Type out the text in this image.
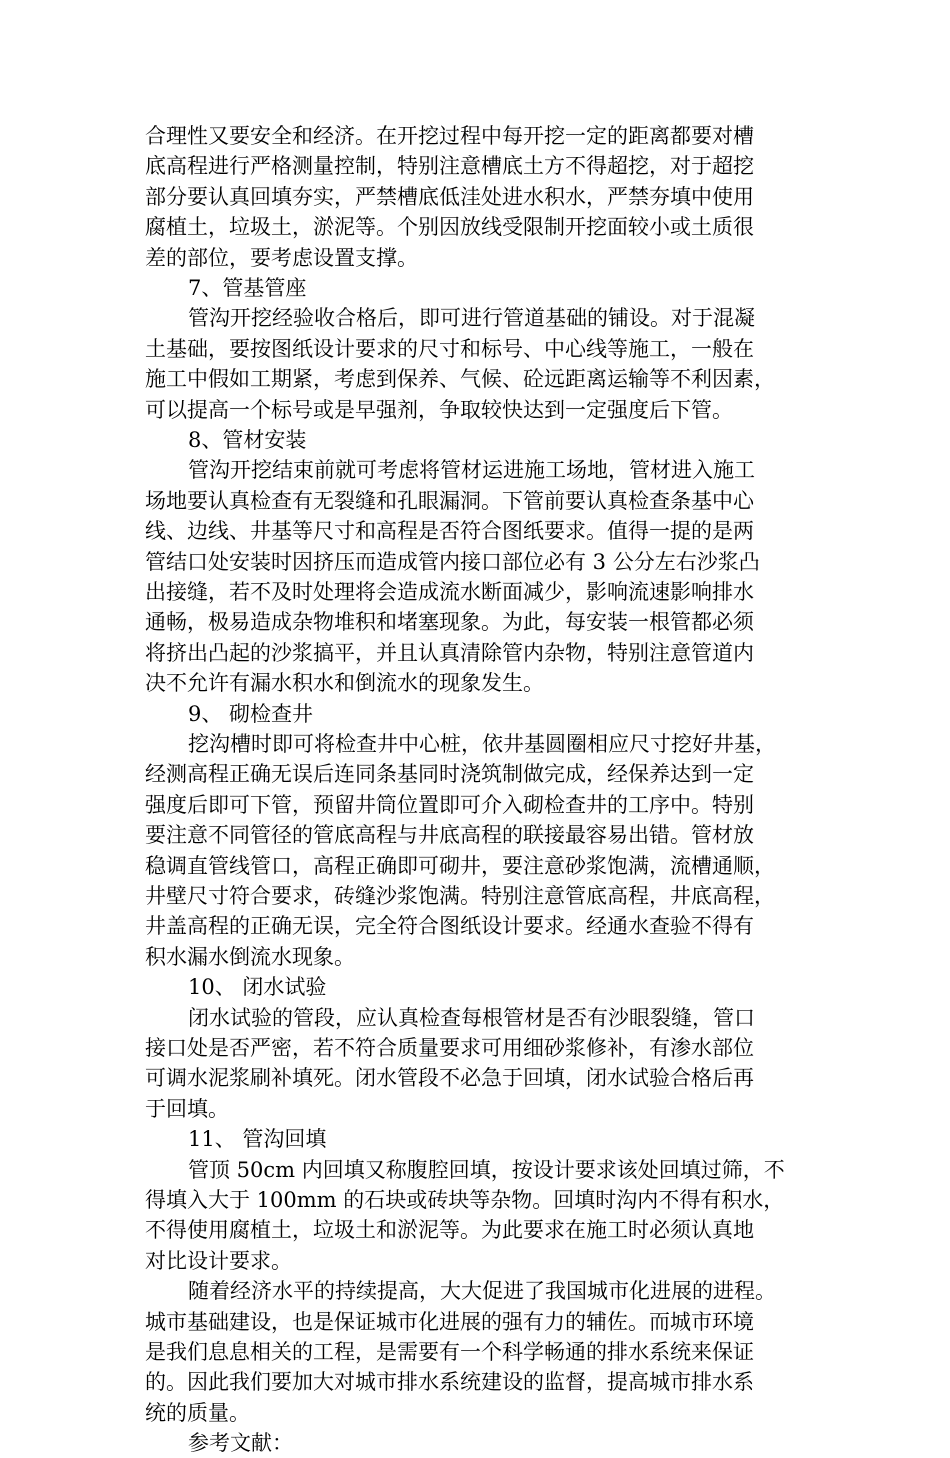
合理性又要安全和经济。在开挖过程中每开挖一定的距离都要对槽
底高程进行严格测量控制，特别注意槽底土方不得超挖，对于超挖
部分要认真回填夯实，严禁槽底低洼处进水积水，严禁夯填中使用
腐植土，垃圾土，淤泥等。个别因放线受限制开挖面较小或土质很
差的部位，要考虑设置支撑。
7、管基管座
管沟开挖经验收合格后，即可进行管道基础的铺设。对于混凝
土基础，要按图纸设计要求的尺寸和标号、中心线等施工，一般在
施工中假如工期紧，考虑到保养、气候、砼远距离运输等不利因素，
可以提高一个标号或是早强剂，争取较快达到一定强度后下管。
8、管材安装
管沟开挖结束前就可考虑将管材运进施工场地，管材进入施工
场地要认真检查有无裂缝和孔眼漏洞。下管前要认真检查条基中心
线、边线、井基等尺寸和高程是否符合图纸要求。值得一提的是两
管结口处安装时因挤压而造成管内接口部位必有 3 公分左右沙浆凸
出接缝，若不及时处理将会造成流水断面减少，影响流速影响排水
通畅，极易造成杂物堆积和堵塞现象。为此，每安装一根管都必须
将挤出凸起的沙浆搞平，并且认真清除管内杂物，特别注意管道内
决不允许有漏水积水和倒流水的现象发生。
9、 砌检查井
挖沟槽时即可将检查井中心桩，依井基圆圈相应尺寸挖好井基，
经测高程正确无误后连同条基同时浇筑制做完成，经保养达到一定
强度后即可下管，预留井筒位置即可介入砌检查井的工序中。特别
要注意不同管径的管底高程与井底高程的联接最容易出错。管材放
稳调直管线管口，高程正确即可砌井，要注意砂浆饱满，流槽通顺，
井壁尺寸符合要求，砖缝沙浆饱满。特别注意管底高程，井底高程，
井盖高程的正确无误，完全符合图纸设计要求。经通水查验不得有
积水漏水倒流水现象。
10、 闭水试验
闭水试验的管段，应认真检查每根管材是否有沙眼裂缝，管口
接口处是否严密，若不符合质量要求可用细砂浆修补，有渗水部位
可调水泥浆刷补填死。闭水管段不必急于回填，闭水试验合格后再
于回填。
11、 管沟回填
管顶 50cm 内回填又称腹腔回填，按设计要求该处回填过筛，不
得填入大于 100mm 的石块或砖块等杂物。回填时沟内不得有积水，
不得使用腐植土，垃圾土和淤泥等。为此要求在施工时必须认真地
对比设计要求。
随着经济水平的持续提高，大大促进了我国城市化进展的进程。
城市基础建设，也是保证城市化进展的强有力的辅佐。而城市环境
是我们息息相关的工程，是需要有一个科学畅通的排水系统来保证
的。因此我们要加大对城市排水系统建设的监督，提高城市排水系
统的质量。
参考文献：
